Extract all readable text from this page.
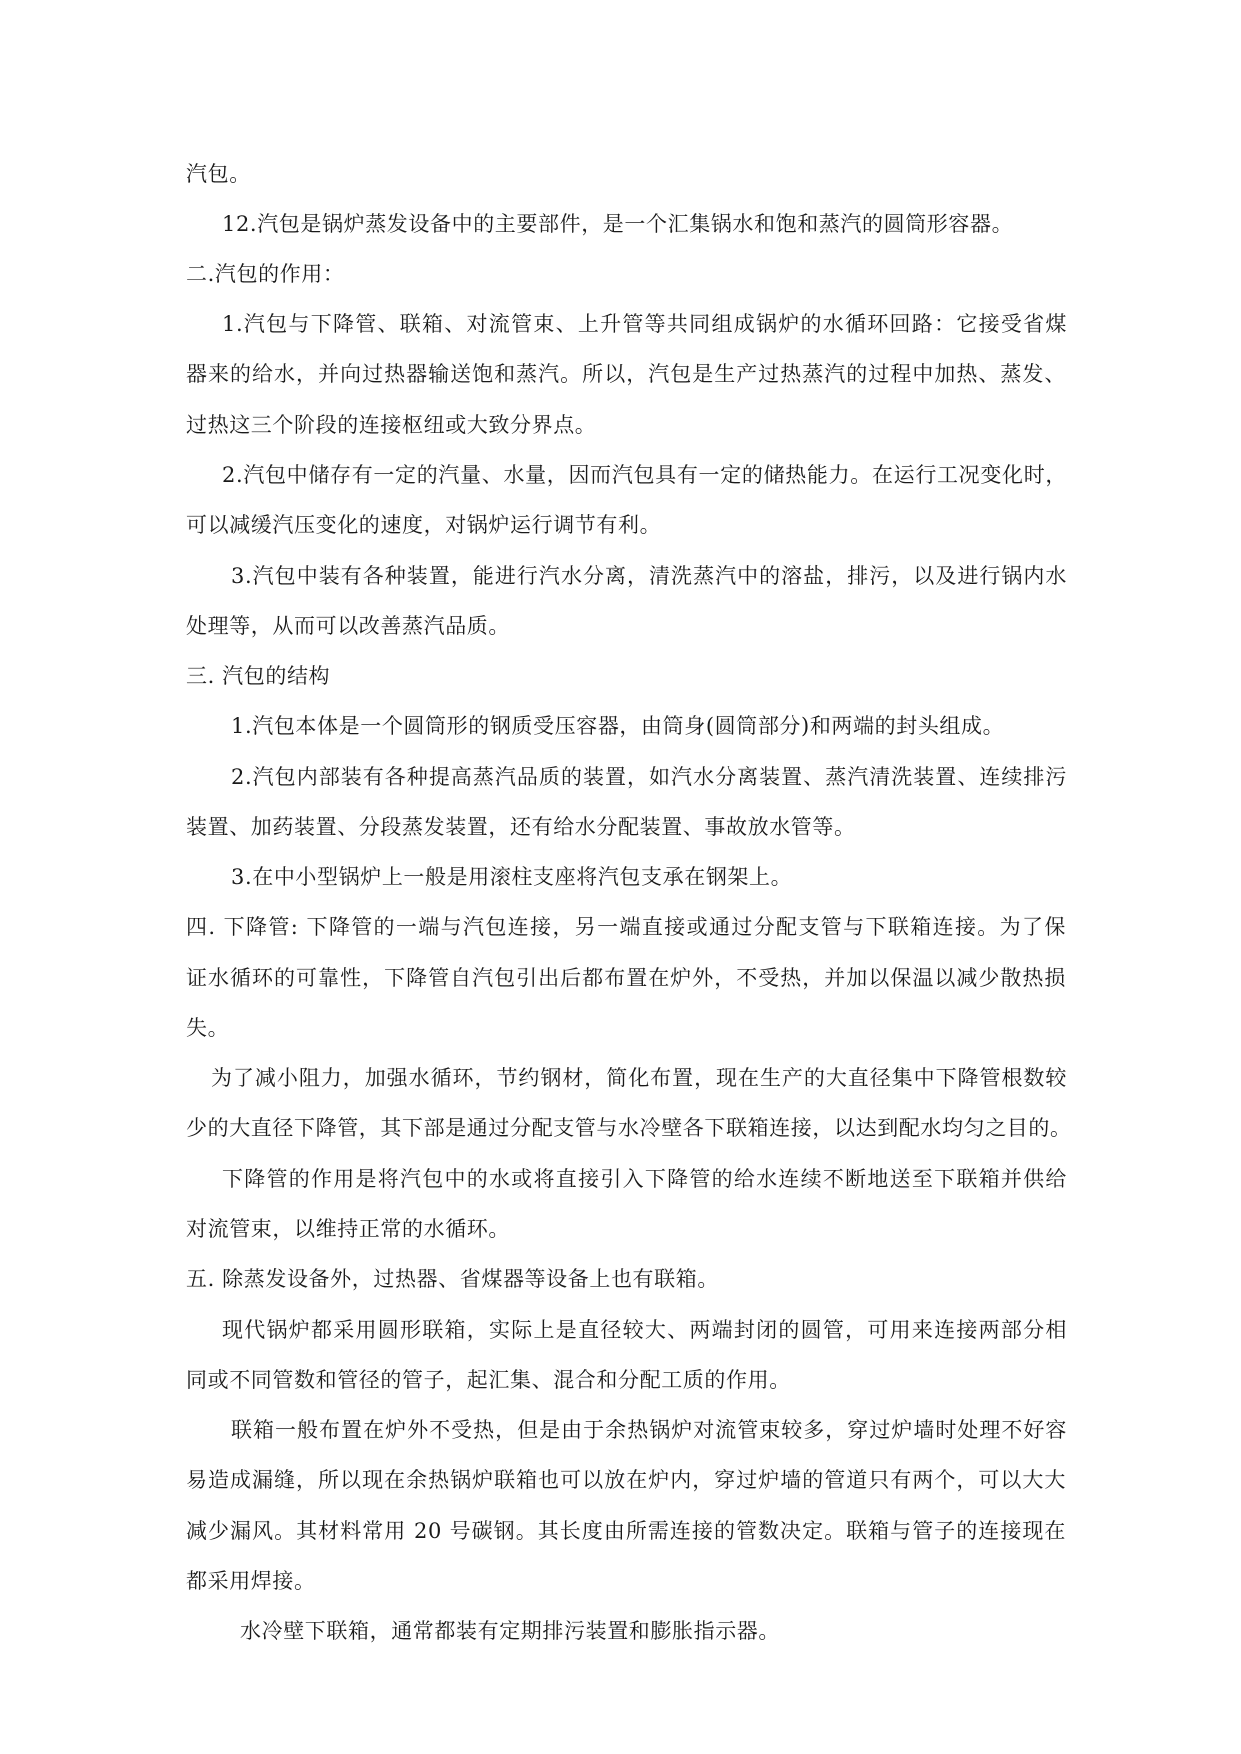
汽包。
12.汽包是锅炉蒸发设备中的主要部件，是一个汇集锅水和饱和蒸汽的圆筒形容器。
二.汽包的作用：
1.汽包与下降管、联箱、对流管束、上升管等共同组成锅炉的水循环回路：它接受省煤
器来的给水，并向过热器输送饱和蒸汽。所以，汽包是生产过热蒸汽的过程中加热、蒸发、
过热这三个阶段的连接枢纽或大致分界点。
2.汽包中储存有一定的汽量、水量，因而汽包具有一定的储热能力。在运行工况变化时，
可以减缓汽压变化的速度，对锅炉运行调节有利。
3.汽包中装有各种装置，能进行汽水分离，清洗蒸汽中的溶盐，排污，以及进行锅内水
处理等，从而可以改善蒸汽品质。
三. 汽包的结构
1.汽包本体是一个圆筒形的钢质受压容器，由筒身(圆筒部分)和两端的封头组成。
2.汽包内部装有各种提高蒸汽品质的装置，如汽水分离装置、蒸汽清洗装置、连续排污
装置、加药装置、分段蒸发装置，还有给水分配装置、事故放水管等。
3.在中小型锅炉上一般是用滚柱支座将汽包支承在钢架上。
四. 下降管: 下降管的一端与汽包连接，另一端直接或通过分配支管与下联箱连接。为了保
证水循环的可靠性，下降管自汽包引出后都布置在炉外，不受热，并加以保温以减少散热损
失。
为了减小阻力，加强水循环，节约钢材，简化布置，现在生产的大直径集中下降管根数较
少的大直径下降管，其下部是通过分配支管与水冷壁各下联箱连接，以达到配水均匀之目的。
下降管的作用是将汽包中的水或将直接引入下降管的给水连续不断地送至下联箱并供给
对流管束，以维持正常的水循环。
五. 除蒸发设备外，过热器、省煤器等设备上也有联箱。
现代锅炉都采用圆形联箱，实际上是直径较大、两端封闭的圆管，可用来连接两部分相
同或不同管数和管径的管子，起汇集、混合和分配工质的作用。
联箱一般布置在炉外不受热，但是由于余热锅炉对流管束较多，穿过炉墙时处理不好容
易造成漏缝，所以现在余热锅炉联箱也可以放在炉内，穿过炉墙的管道只有两个，可以大大
减少漏风。其材料常用 20 号碳钢。其长度由所需连接的管数决定。联箱与管子的连接现在
都采用焊接。
水冷壁下联箱，通常都装有定期排污装置和膨胀指示器。
